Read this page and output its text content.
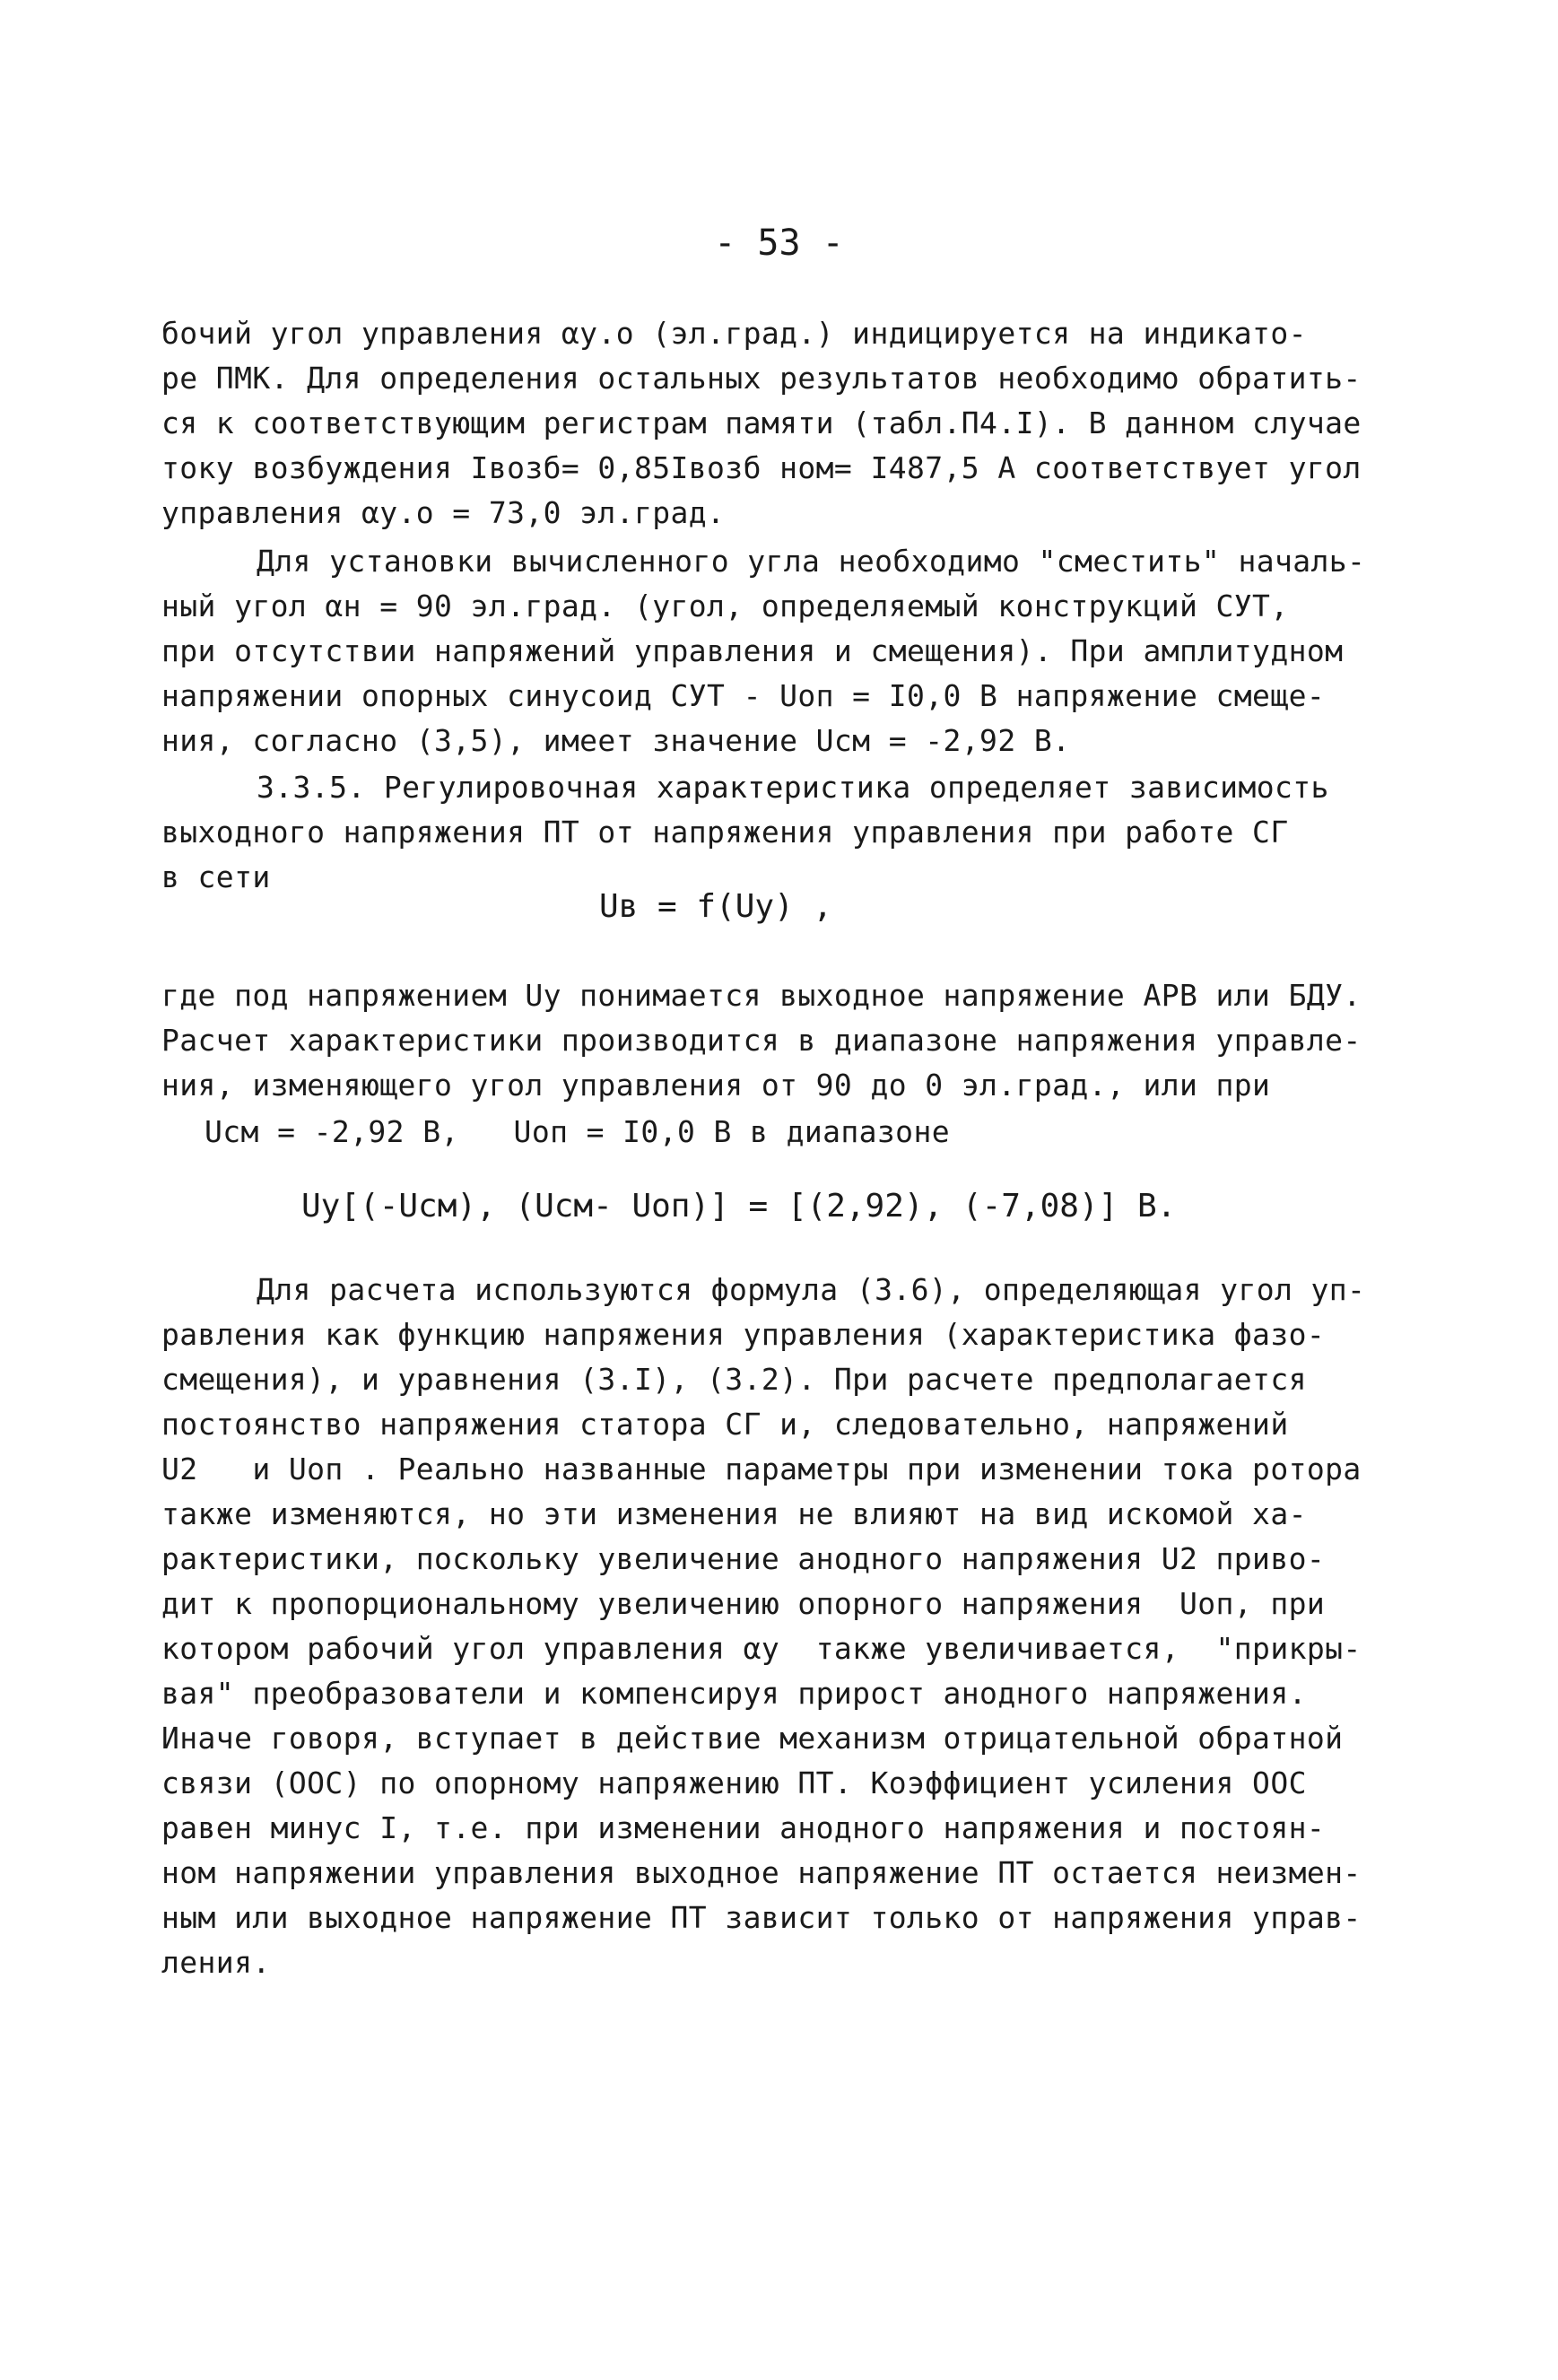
- 53 -
бочий угол управления αу.о (эл.град.) индицируется на индикато-
ре ПМК. Для определения остальных результатов необходимо обратить-
ся к соответствующим регистрам памяти (табл.П4.I). В данном случае
току возбуждения Iвозб= 0,85Iвозб ном= I487,5 А соответствует угол
управления αу.о = 73,0 эл.град.
Для установки вычисленного угла необходимо "сместить" началь-
ный угол αн = 90 эл.град. (угол, определяемый конструкций СУТ,
при отсутствии напряжений управления и смещения). При амплитудном
напряжении опорных синусоид СУТ - Uоп = I0,0 В напряжение смеще-
ния, согласно (3,5), имеет значение Uсм = -2,92 В.
3.3.5. Регулировочная характеристика определяет зависимость
выходного напряжения ПТ от напряжения управления при работе СГ
в сети
Uв = f(Uу) ,
где под напряжением Uу понимается выходное напряжение АРВ или БДУ.
Расчет характеристики производится в диапазоне напряжения управле-
ния, изменяющего угол управления от 90 до 0 эл.град., или при
Uсм = -2,92 В,   Uоп = I0,0 В в диапазоне
Uу[(-Uсм), (Uсм- Uоп)] = [(2,92), (-7,08)] В.
Для расчета используются формула (3.6), определяющая угол уп-
равления как функцию напряжения управления (характеристика фазо-
смещения), и уравнения (3.I), (3.2). При расчете предполагается
постоянство напряжения статора СГ и, следовательно, напряжений
U2   и Uоп . Реально названные параметры при изменении тока ротора
также изменяются, но эти изменения не влияют на вид искомой ха-
рактеристики, поскольку увеличение анодного напряжения U2 приво-
дит к пропорциональному увеличению опорного напряжения  Uоп, при
котором рабочий угол управления αу  также увеличивается,  "прикры-
вая" преобразователи и компенсируя прирост анодного напряжения.
Иначе говоря, вступает в действие механизм отрицательной обратной
связи (ООС) по опорному напряжению ПТ. Коэффициент усиления ООС
равен минус I, т.е. при изменении анодного напряжения и постоян-
ном напряжении управления выходное напряжение ПТ остается неизмен-
ным или выходное напряжение ПТ зависит только от напряжения управ-
ления.
